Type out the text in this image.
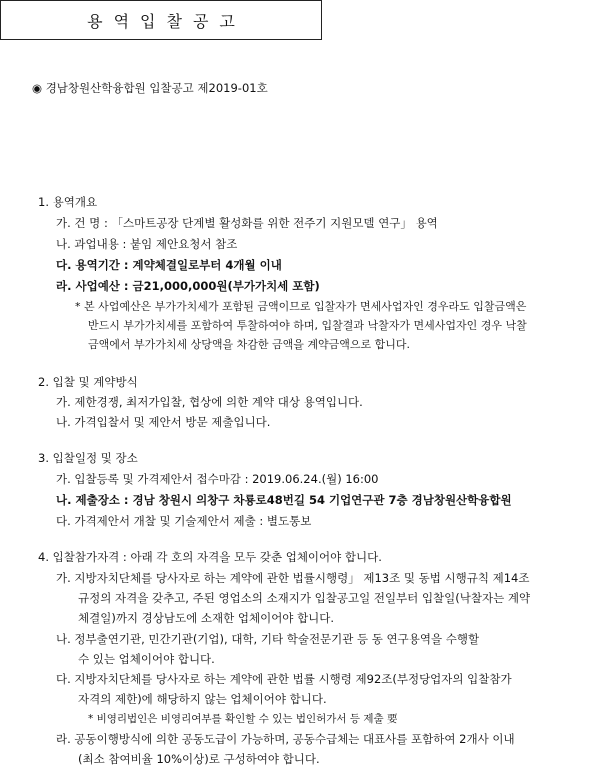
◉ 경남창원산학융합원 입찰공고 제2019-01호
용역입찰공고
1. 용역개요
가. 건 명 : 「스마트공장 단계별 활성화를 위한 전주기 지원모델 연구」 용역
나. 과업내용 : 붙임 제안요청서 참조
다. 용역기간 : 계약체결일로부터 4개월 이내
라. 사업예산 : 금21,000,000원(부가가치세 포함)
* 본 사업예산은 부가가치세가 포함된 금액이므로 입찰자가 면세사업자인 경우라도 입찰금액은
반드시 부가가치세를 포함하여 투찰하여야 하며, 입찰결과 낙찰자가 면세사업자인 경우 낙찰
금액에서 부가가치세 상당액을 차감한 금액을 계약금액으로 합니다.
2. 입찰 및 계약방식
가. 제한경쟁, 최저가입찰, 협상에 의한 계약 대상 용역입니다.
나. 가격입찰서 및 제안서 방문 제출입니다.
3. 입찰일정 및 장소
가. 입찰등록 및 가격제안서 접수마감 : 2019.06.24.(월) 16:00
나. 제출장소 : 경남 창원시 의창구 차룡로48번길 54 기업연구관 7층 경남창원산학융합원
다. 가격제안서 개찰 및 기술제안서 제출 : 별도통보
4. 입찰참가자격 : 아래 각 호의 자격을 모두 갖춘 업체이어야 합니다.
가. 지방자치단체를 당사자로 하는 계약에 관한 법률시행령」 제13조 및 동법 시행규칙 제14조
규정의 자격을 갖추고, 주된 영업소의 소재지가 입찰공고일 전일부터 입찰일(낙찰자는 계약
체결일)까지 경상남도에 소재한 업체이어야 합니다.
나. 정부출연기관, 민간기관(기업), 대학, 기타 학술전문기관 등 동 연구용역을 수행할
수 있는 업체이어야 합니다.
다. 지방자치단체를 당사자로 하는 계약에 관한 법률 시행령 제92조(부정당업자의 입찰참가
자격의 제한)에 해당하지 않는 업체이어야 합니다.
* 비영리법인은 비영리여부를 확인할 수 있는 법인허가서 등 제출 要
라. 공동이행방식에 의한 공동도급이 가능하며, 공동수급체는 대표사를 포함하여 2개사 이내
(최소 참여비율 10%이상)로 구성하여야 합니다.
